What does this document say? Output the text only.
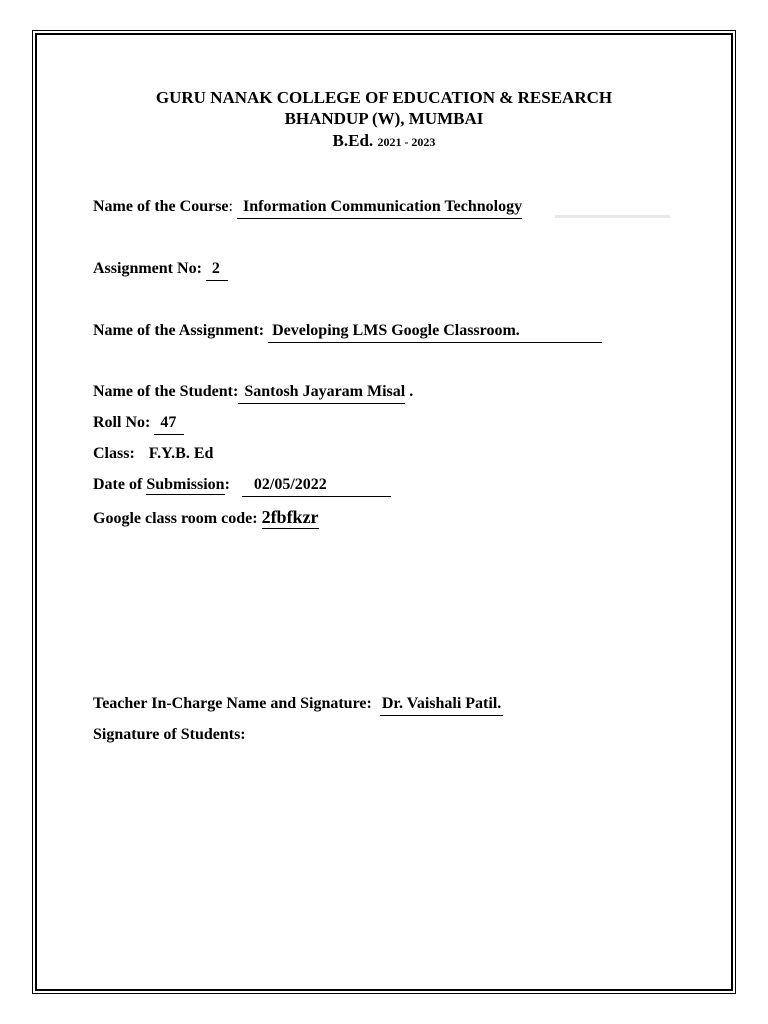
GURU NANAK COLLEGE OF EDUCATION & RESEARCH
BHANDUP (W), MUMBAI
B.Ed. 2021 - 2023
Name of the Course: Information Communication Technology
Assignment No: 2
Name of the Assignment: Developing LMS Google Classroom.
Name of the Student: Santosh Jayaram Misal .
Roll No: 47
Class: F.Y.B. Ed
Date of Submission: 02/05/2022
Google class room code: 2fbfkzr
Teacher In-Charge Name and Signature: Dr. Vaishali Patil.
Signature of Students:
